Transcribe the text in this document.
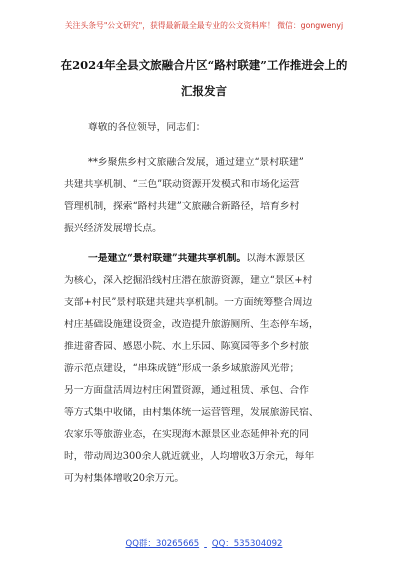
关注头条号"公文研究"，获得最新最全最专业的公文资料库！ 微信：gongwenyj
在2024年全县文旅融合片区“路村联建”工作推进会上的
汇报发言
尊敬的各位领导，同志们：
**乡聚焦乡村文旅融合发展，通过建立“景村联建”
共建共享机制、“三色”联动资源开发模式和市场化运营
管理机制，探索“路村共建”文旅融合新路径，培育乡村
振兴经济发展增长点。
一是建立“景村联建”共建共享机制。以海木源景区
为核心，深入挖掘沿线村庄潜在旅游资源，建立“景区+村
支部+村民”景村联建共建共享机制。一方面统筹整合周边
村庄基础设施建设资金，改造提升旅游厕所、生态停车场，
推进畲香园、感恩小院、水上乐园、陈寞园等多个乡村旅
游示范点建设，“串珠成链”形成一条乡域旅游风光带；
另一方面盘活周边村庄闲置资源，通过租赁、承包、合作
等方式集中收储，由村集体统一运营管理，发展旅游民宿、
农家乐等旅游业态，在实现海木源景区业态延伸补充的同
时，带动周边300余人就近就业，人均增收3万余元，每年
可为村集体增收20余万元。
QQ群：30265665 QQ：535304092
